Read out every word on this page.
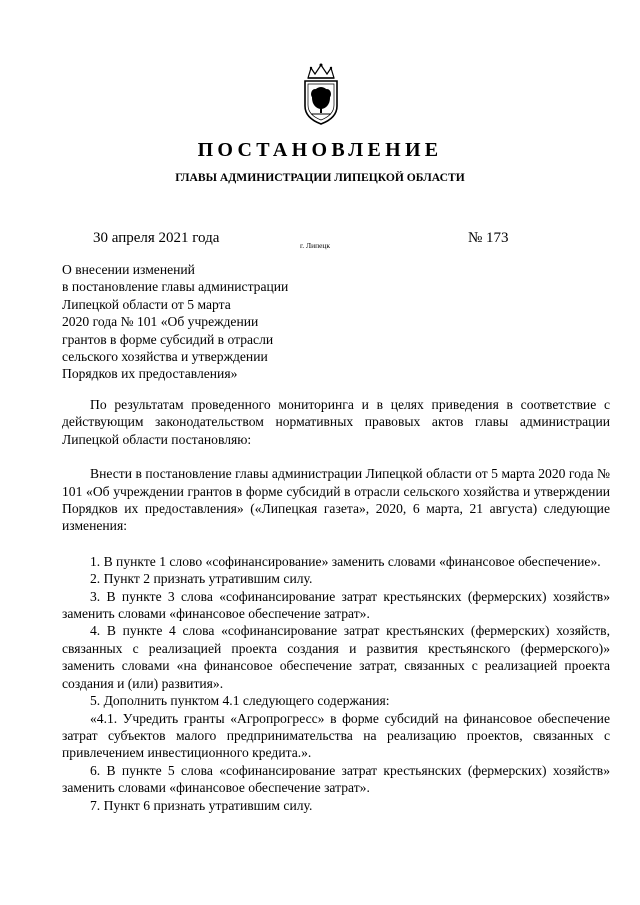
ПОСТАНОВЛЕНИЕ
ГЛАВЫ АДМИНИСТРАЦИИ ЛИПЕЦКОЙ ОБЛАСТИ
30 апреля 2021 года	г. Липецк	№ 173
О внесении изменений
в постановление главы администрации
Липецкой области от 5 марта
2020 года № 101 «Об учреждении
грантов в форме субсидий в отрасли
сельского хозяйства и утверждении
Порядков их предоставления»

По результатам проведенного мониторинга и в целях приведения в соответствие с действующим законодательством нормативных правовых актов главы администрации Липецкой области постановляю:

Внести в постановление главы администрации Липецкой области от 5 марта 2020 года № 101 «Об учреждении грантов в форме субсидий в отрасли сельского хозяйства и утверждении Порядков их предоставления» («Липецкая газета», 2020, 6 марта, 21 августа) следующие изменения:

1. В пункте 1 слово «софинансирование» заменить словами «финансовое обеспечение».

2. Пункт 2 признать утратившим силу.

3. В пункте 3 слова «софинансирование затрат крестьянских (фермерских) хозяйств» заменить словами «финансовое обеспечение затрат».

4. В пункте 4 слова «софинансирование затрат крестьянских (фермерских) хозяйств, связанных с реализацией проекта создания и развития крестьянского (фермерского)» заменить словами «на финансовое обеспечение затрат, связанных с реализацией проекта создания и (или) развития».

5. Дополнить пунктом 4.1 следующего содержания:

«4.1. Учредить гранты «Агропрогресс» в форме субсидий на финансовое обеспечение затрат субъектов малого предпринимательства на реализацию проектов, связанных с привлечением инвестиционного кредита.».

6. В пункте 5 слова «софинансирование затрат крестьянских (фермерских) хозяйств» заменить словами «финансовое обеспечение затрат».

7. Пункт 6 признать утратившим силу.
